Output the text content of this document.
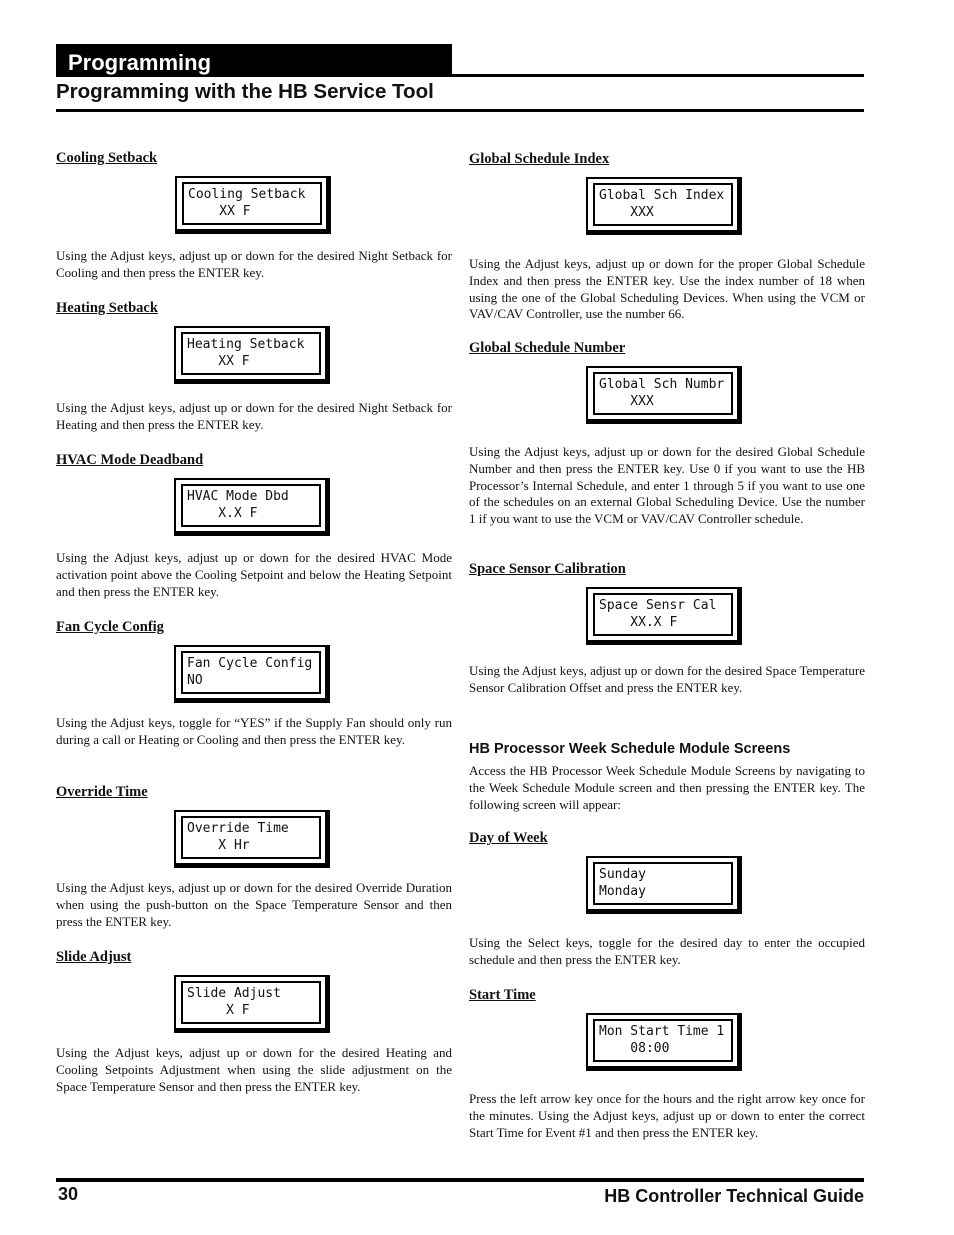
Programming
Programming with the HB Service Tool
Cooling Setback
Cooling Setback
XX F

Using the Adjust keys, adjust up or down for the desired Night Setback for Cooling and then press the ENTER key.

Heating Setback
Heating Setback
XX F

Using the Adjust keys, adjust up or down for the desired Night Setback for Heating and then press the ENTER key.

HVAC Mode Deadband
HVAC Mode Dbd
X.X F

Using the Adjust keys, adjust up or down for the desired HVAC Mode activation point above the Cooling Setpoint and below the Heating Setpoint and then press the ENTER key.

Fan Cycle Config
Fan Cycle Config
NO

Using the Adjust keys, toggle for “YES” if the Supply Fan should only run during a call or Heating or Cooling and then press the ENTER key.

Override Time
Override Time
X Hr

Using the Adjust keys, adjust up or down for the desired Override Duration when using the push-button on the Space Temperature Sensor and then press the ENTER key.

Slide Adjust
Slide Adjust
X F

Using the Adjust keys, adjust up or down for the desired Heating and Cooling Setpoints Adjustment when using the slide adjustment on the Space Temperature Sensor and then press the ENTER key.

Global Schedule Index
Global Sch Index
XXX

Using the Adjust keys, adjust up or down for the proper Global Schedule Index and then press the ENTER key. Use the index number of 18 when using the one of the Global Scheduling Devices. When using the VCM or VAV/CAV Controller, use the number 66.

Global Schedule Number
Global Sch Numbr
XXX

Using the Adjust keys, adjust up or down for the desired Global Schedule Number and then press the ENTER key. Use 0 if you want to use the HB Processor’s Internal Schedule, and enter 1 through 5 if you want to use one of the schedules on an external Global Scheduling Device. Use the number 1 if you want to use the VCM or VAV/CAV Controller schedule.

Space Sensor Calibration
Space Sensr Cal
XX.X F

Using the Adjust keys, adjust up or down for the desired Space Temperature Sensor Calibration Offset and press the ENTER key.

HB Processor Week Schedule Module Screens

Access the HB Processor Week Schedule Module Screens by navigating to the Week Schedule Module screen and then pressing the ENTER key. The following screen will appear:

Day of Week
Sunday
Monday

Using the Select keys, toggle for the desired day to enter the occupied schedule and then press the ENTER key.

Start Time
Mon Start Time 1
08:00

Press the left arrow key once for the hours and the right arrow key once for the minutes. Using the Adjust keys, adjust up or down to enter the correct Start Time for Event #1 and then press the ENTER key.

30	HB Controller Technical Guide
